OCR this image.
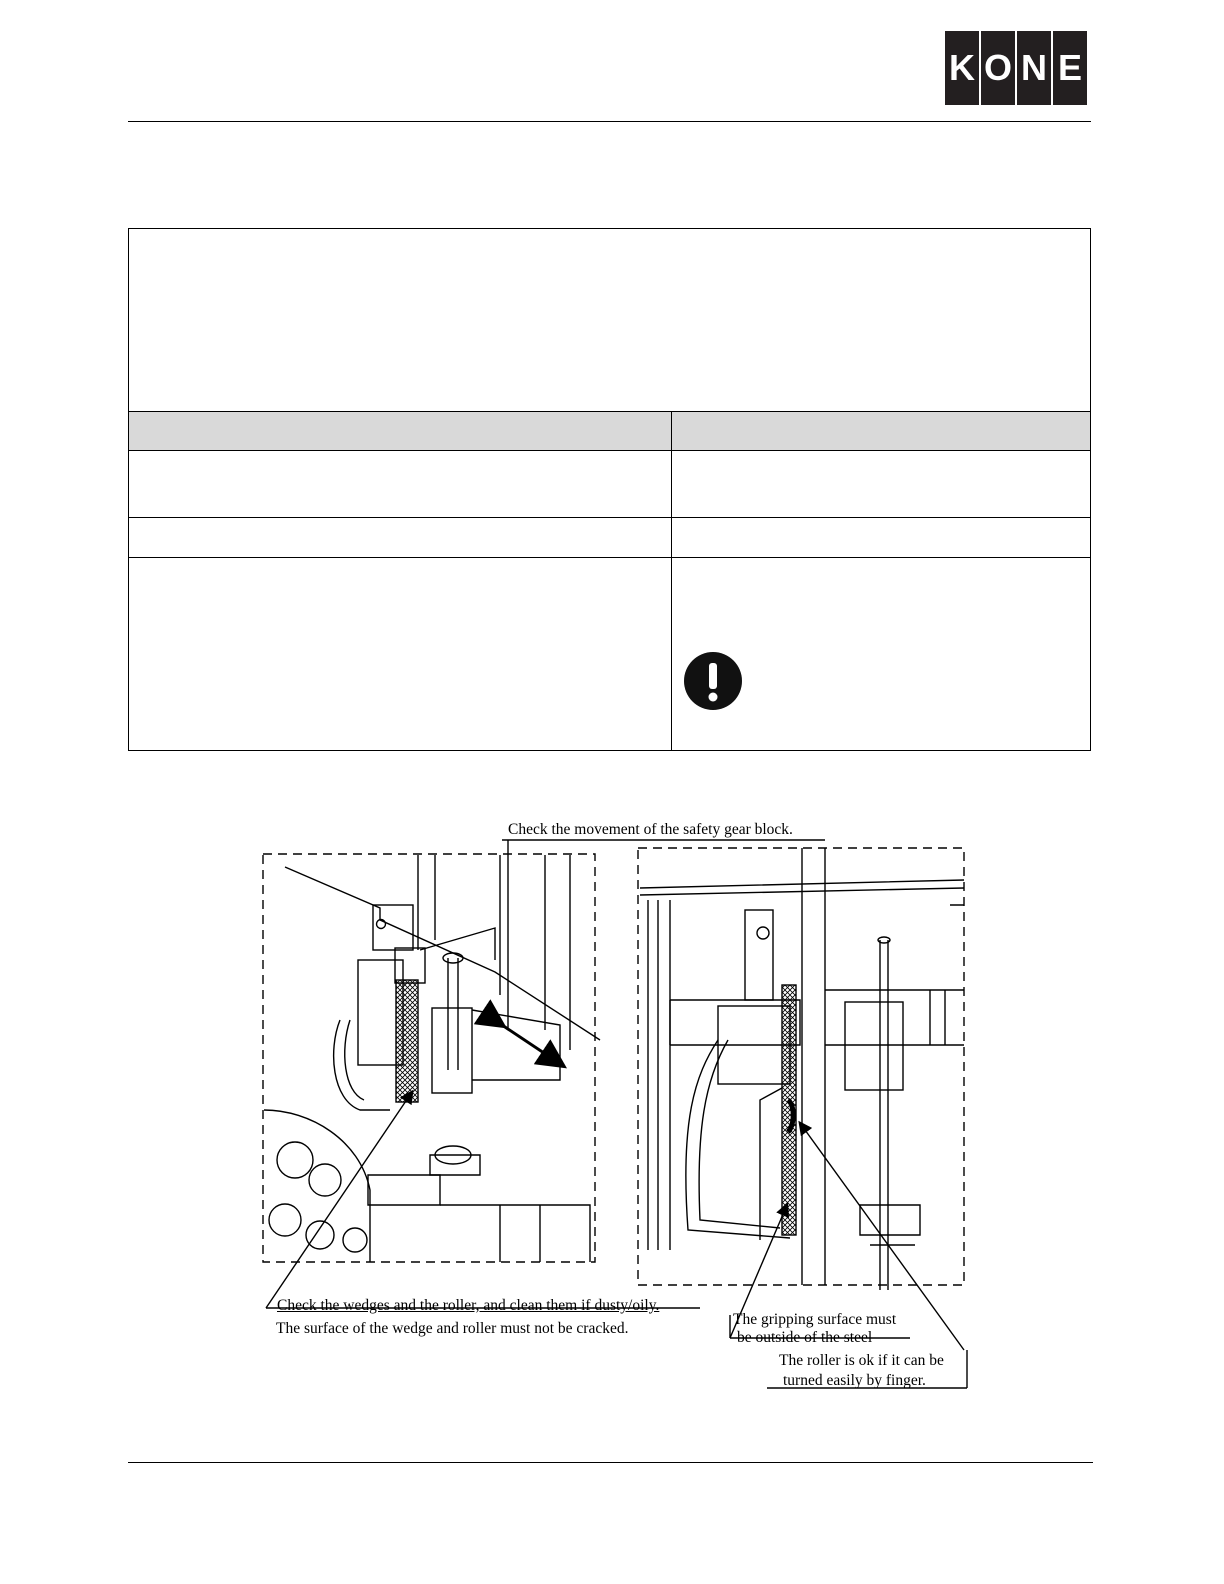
K O N E
Check the movement of the safety gear block.
Check the wedges and the roller, and clean them if dusty/oily.
The surface of the wedge and roller must not be cracked.
The gripping surface must
be outside of the steel
The roller is ok if it can be
turned easily by finger.
